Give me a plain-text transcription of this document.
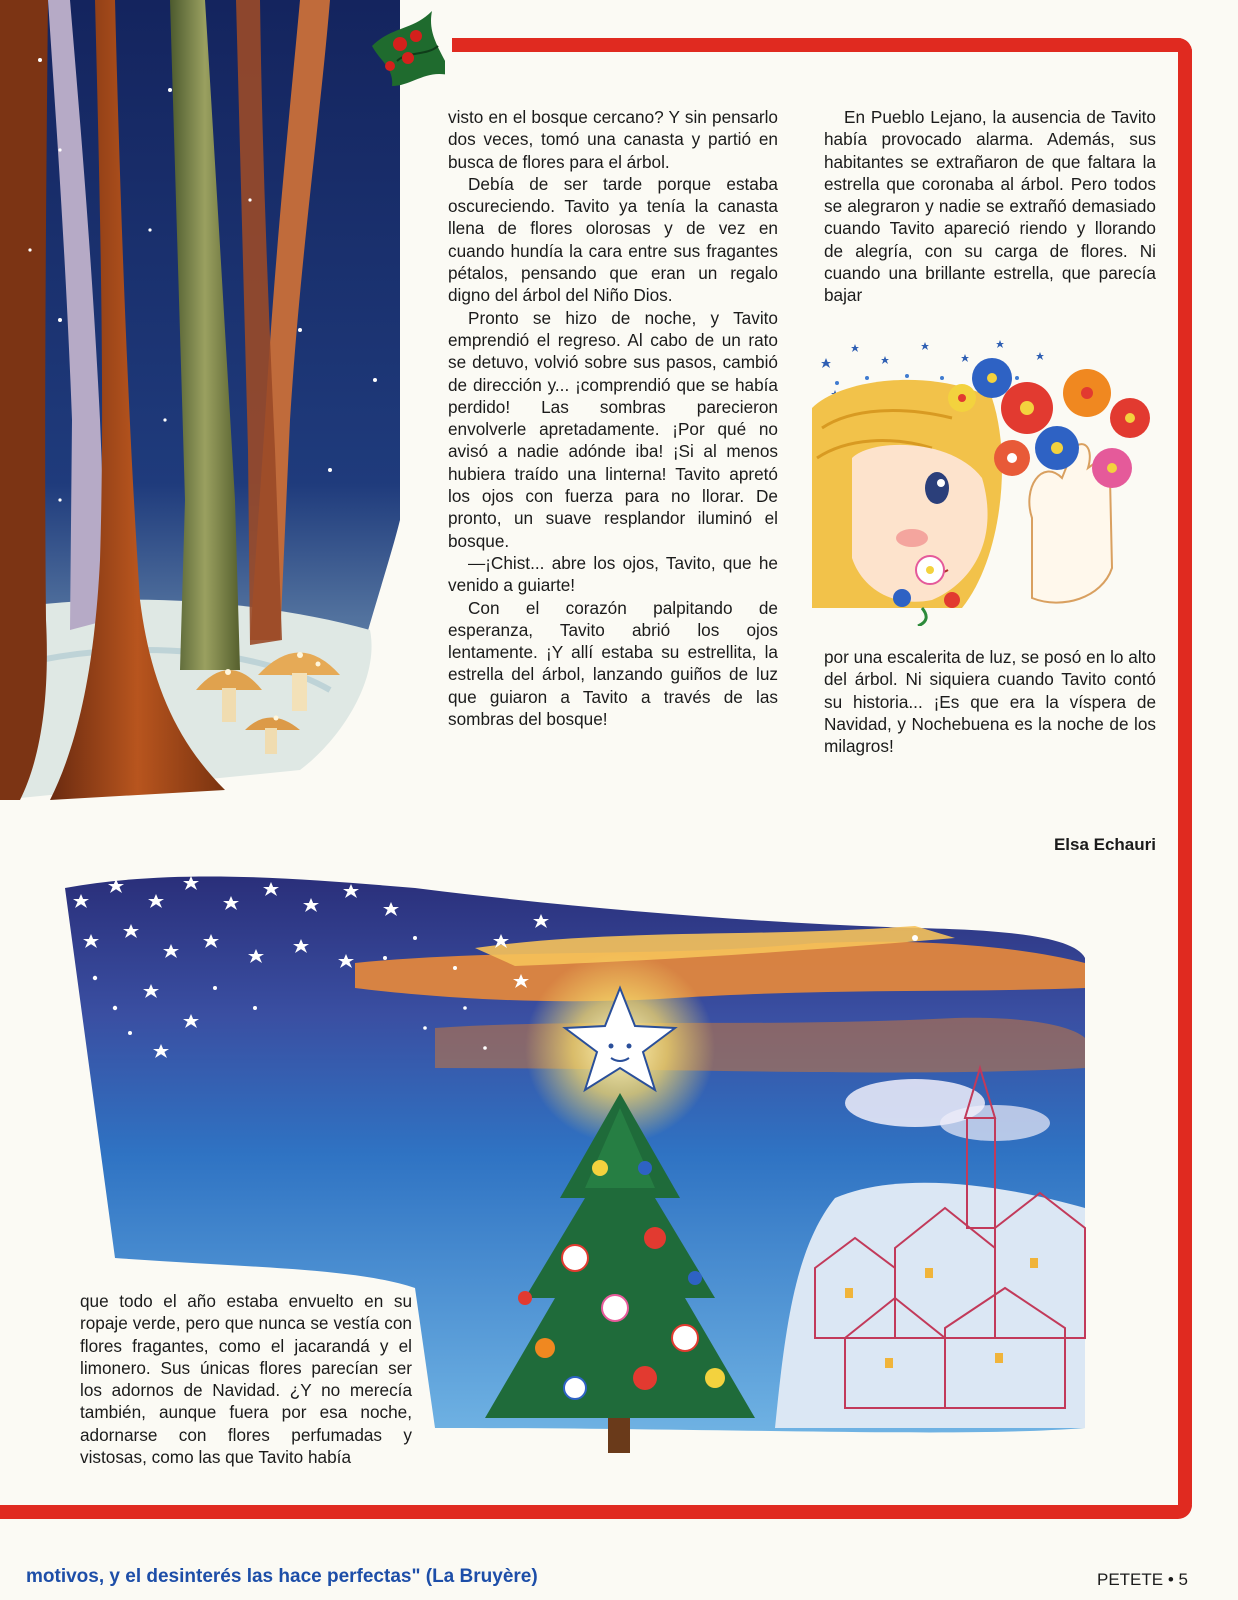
visto en el bosque cercano? Y sin pensarlo dos veces, tomó una canasta y partió en busca de flores para el árbol.

Debía de ser tarde porque estaba oscureciendo. Tavito ya tenía la canasta llena de flores olorosas y de vez en cuando hundía la cara entre sus fragantes pétalos, pensando que eran un regalo digno del árbol del Niño Dios.

Pronto se hizo de noche, y Tavito emprendió el regreso. Al cabo de un rato se detuvo, volvió sobre sus pasos, cambió de dirección y... ¡comprendió que se había perdido! Las sombras parecieron envolverle apretadamente. ¡Por qué no avisó a nadie adónde iba! ¡Si al menos hubiera traído una linterna! Tavito apretó los ojos con fuerza para no llorar. De pronto, un suave resplandor iluminó el bosque.

—¡Chist... abre los ojos, Tavito, que he venido a guiarte!

Con el corazón palpitando de esperanza, Tavito abrió los ojos lentamente. ¡Y allí estaba su estrellita, la estrella del árbol, lanzando guiños de luz que guiaron a Tavito a través de las sombras del bosque!

En Pueblo Lejano, la ausencia de Tavito había provocado alarma. Además, sus habitantes se extrañaron de que faltara la estrella que coronaba al árbol. Pero todos se alegraron y nadie se extrañó demasiado cuando Tavito apareció riendo y llorando de alegría, con su carga de flores. Ni cuando una brillante estrella, que parecía bajar

por una escalerita de luz, se posó en lo alto del árbol. Ni siquiera cuando Tavito contó su historia... ¡Es que era la víspera de Navidad, y Nochebuena es la noche de los milagros!

Elsa Echauri

que todo el año estaba envuelto en su ropaje verde, pero que nunca se vestía con flores fragantes, como el jacarandá y el limonero. Sus únicas flores parecían ser los adornos de Navidad. ¿Y no merecía también, aunque fuera por esa noche, adornarse con flores perfumadas y vistosas, como las que Tavito había

motivos, y el desinterés las hace perfectas" (La Bruyère)	PETETE • 5
